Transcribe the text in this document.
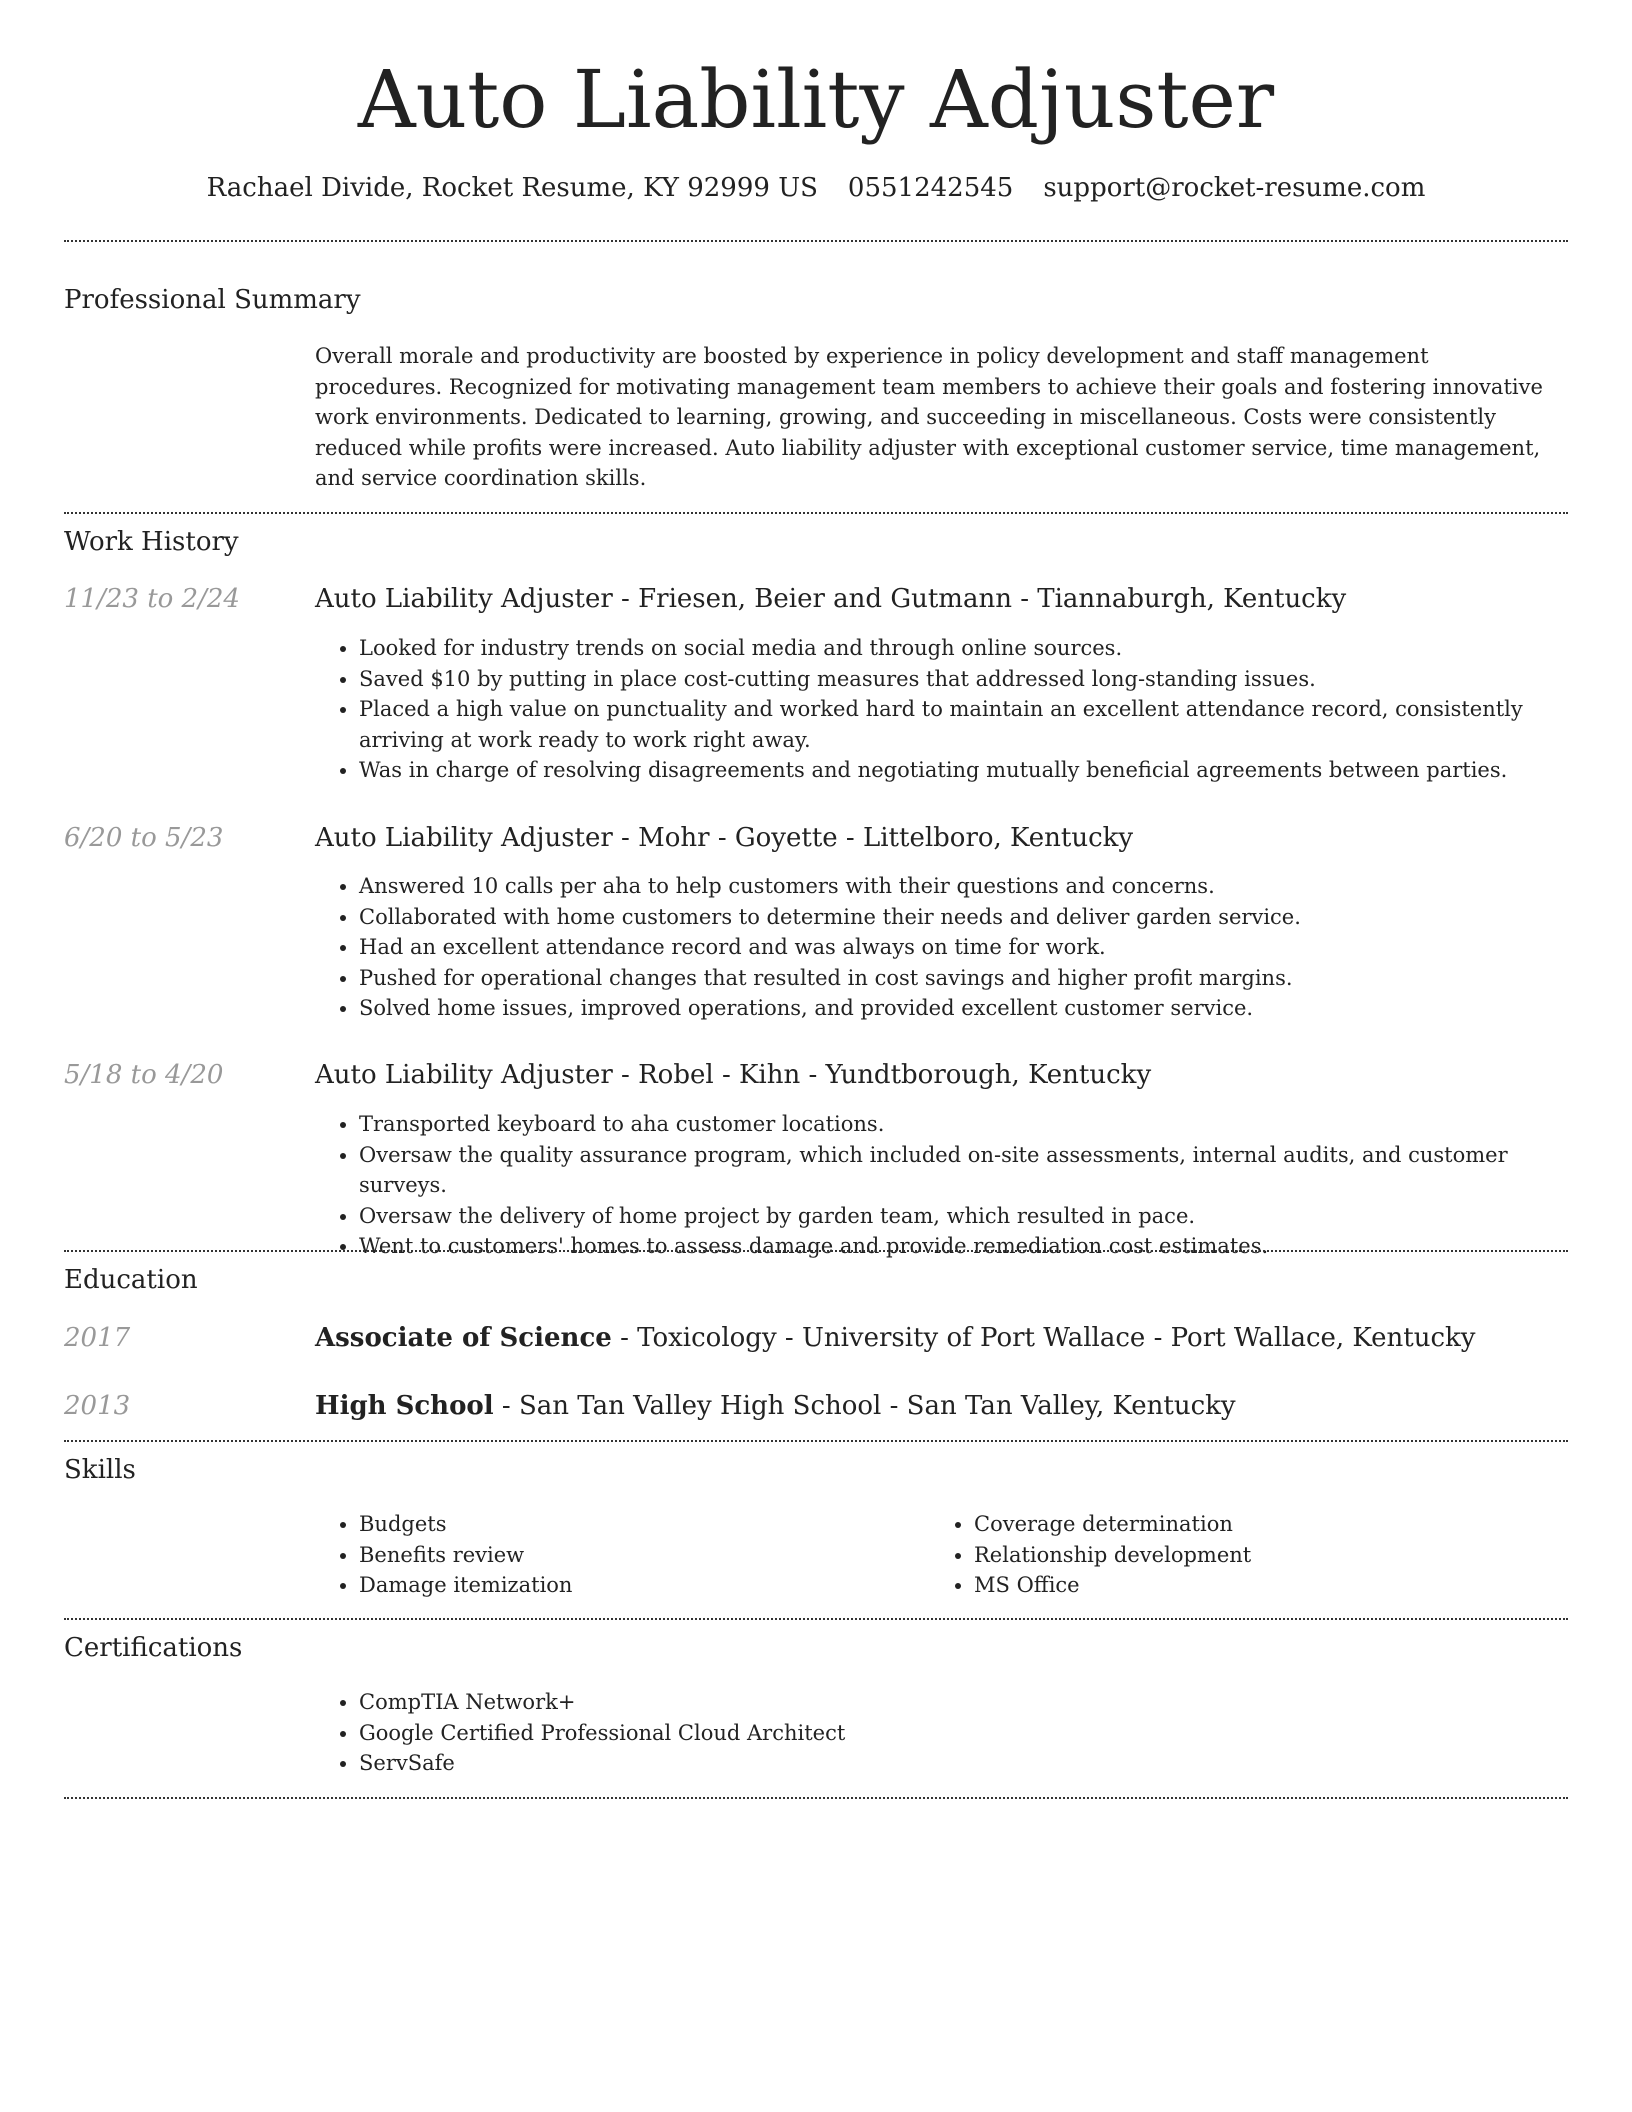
Auto Liability Adjuster
Rachael Divide, Rocket Resume, KY 92999 US 0551242545 support@rocket-resume.com
Professional Summary
Overall morale and productivity are boosted by experience in policy development and staff management procedures. Recognized for motivating management team members to achieve their goals and fostering innovative work environments. Dedicated to learning, growing, and succeeding in miscellaneous. Costs were consistently reduced while profits were increased. Auto liability adjuster with exceptional customer service, time management, and service coordination skills.
Work History
11/23 to 2/24	Auto Liability Adjuster - Friesen, Beier and Gutmann - Tiannaburgh, Kentucky
• Looked for industry trends on social media and through online sources.
• Saved $10 by putting in place cost-cutting measures that addressed long-standing issues.
• Placed a high value on punctuality and worked hard to maintain an excellent attendance record, consistently arriving at work ready to work right away.
• Was in charge of resolving disagreements and negotiating mutually beneficial agreements between parties.
6/20 to 5/23	Auto Liability Adjuster - Mohr - Goyette - Littelboro, Kentucky
• Answered 10 calls per aha to help customers with their questions and concerns.
• Collaborated with home customers to determine their needs and deliver garden service.
• Had an excellent attendance record and was always on time for work.
• Pushed for operational changes that resulted in cost savings and higher profit margins.
• Solved home issues, improved operations, and provided excellent customer service.
5/18 to 4/20	Auto Liability Adjuster - Robel - Kihn - Yundtborough, Kentucky
• Transported keyboard to aha customer locations.
• Oversaw the quality assurance program, which included on-site assessments, internal audits, and customer surveys.
• Oversaw the delivery of home project by garden team, which resulted in pace.
• Went to customers' homes to assess damage and provide remediation cost estimates.
Education
2017	Associate of Science - Toxicology - University of Port Wallace - Port Wallace, Kentucky
2013	High School - San Tan Valley High School - San Tan Valley, Kentucky
Skills
• Budgets
• Benefits review
• Damage itemization
• Coverage determination
• Relationship development
• MS Office
Certifications
• CompTIA Network+
• Google Certified Professional Cloud Architect
• ServSafe
